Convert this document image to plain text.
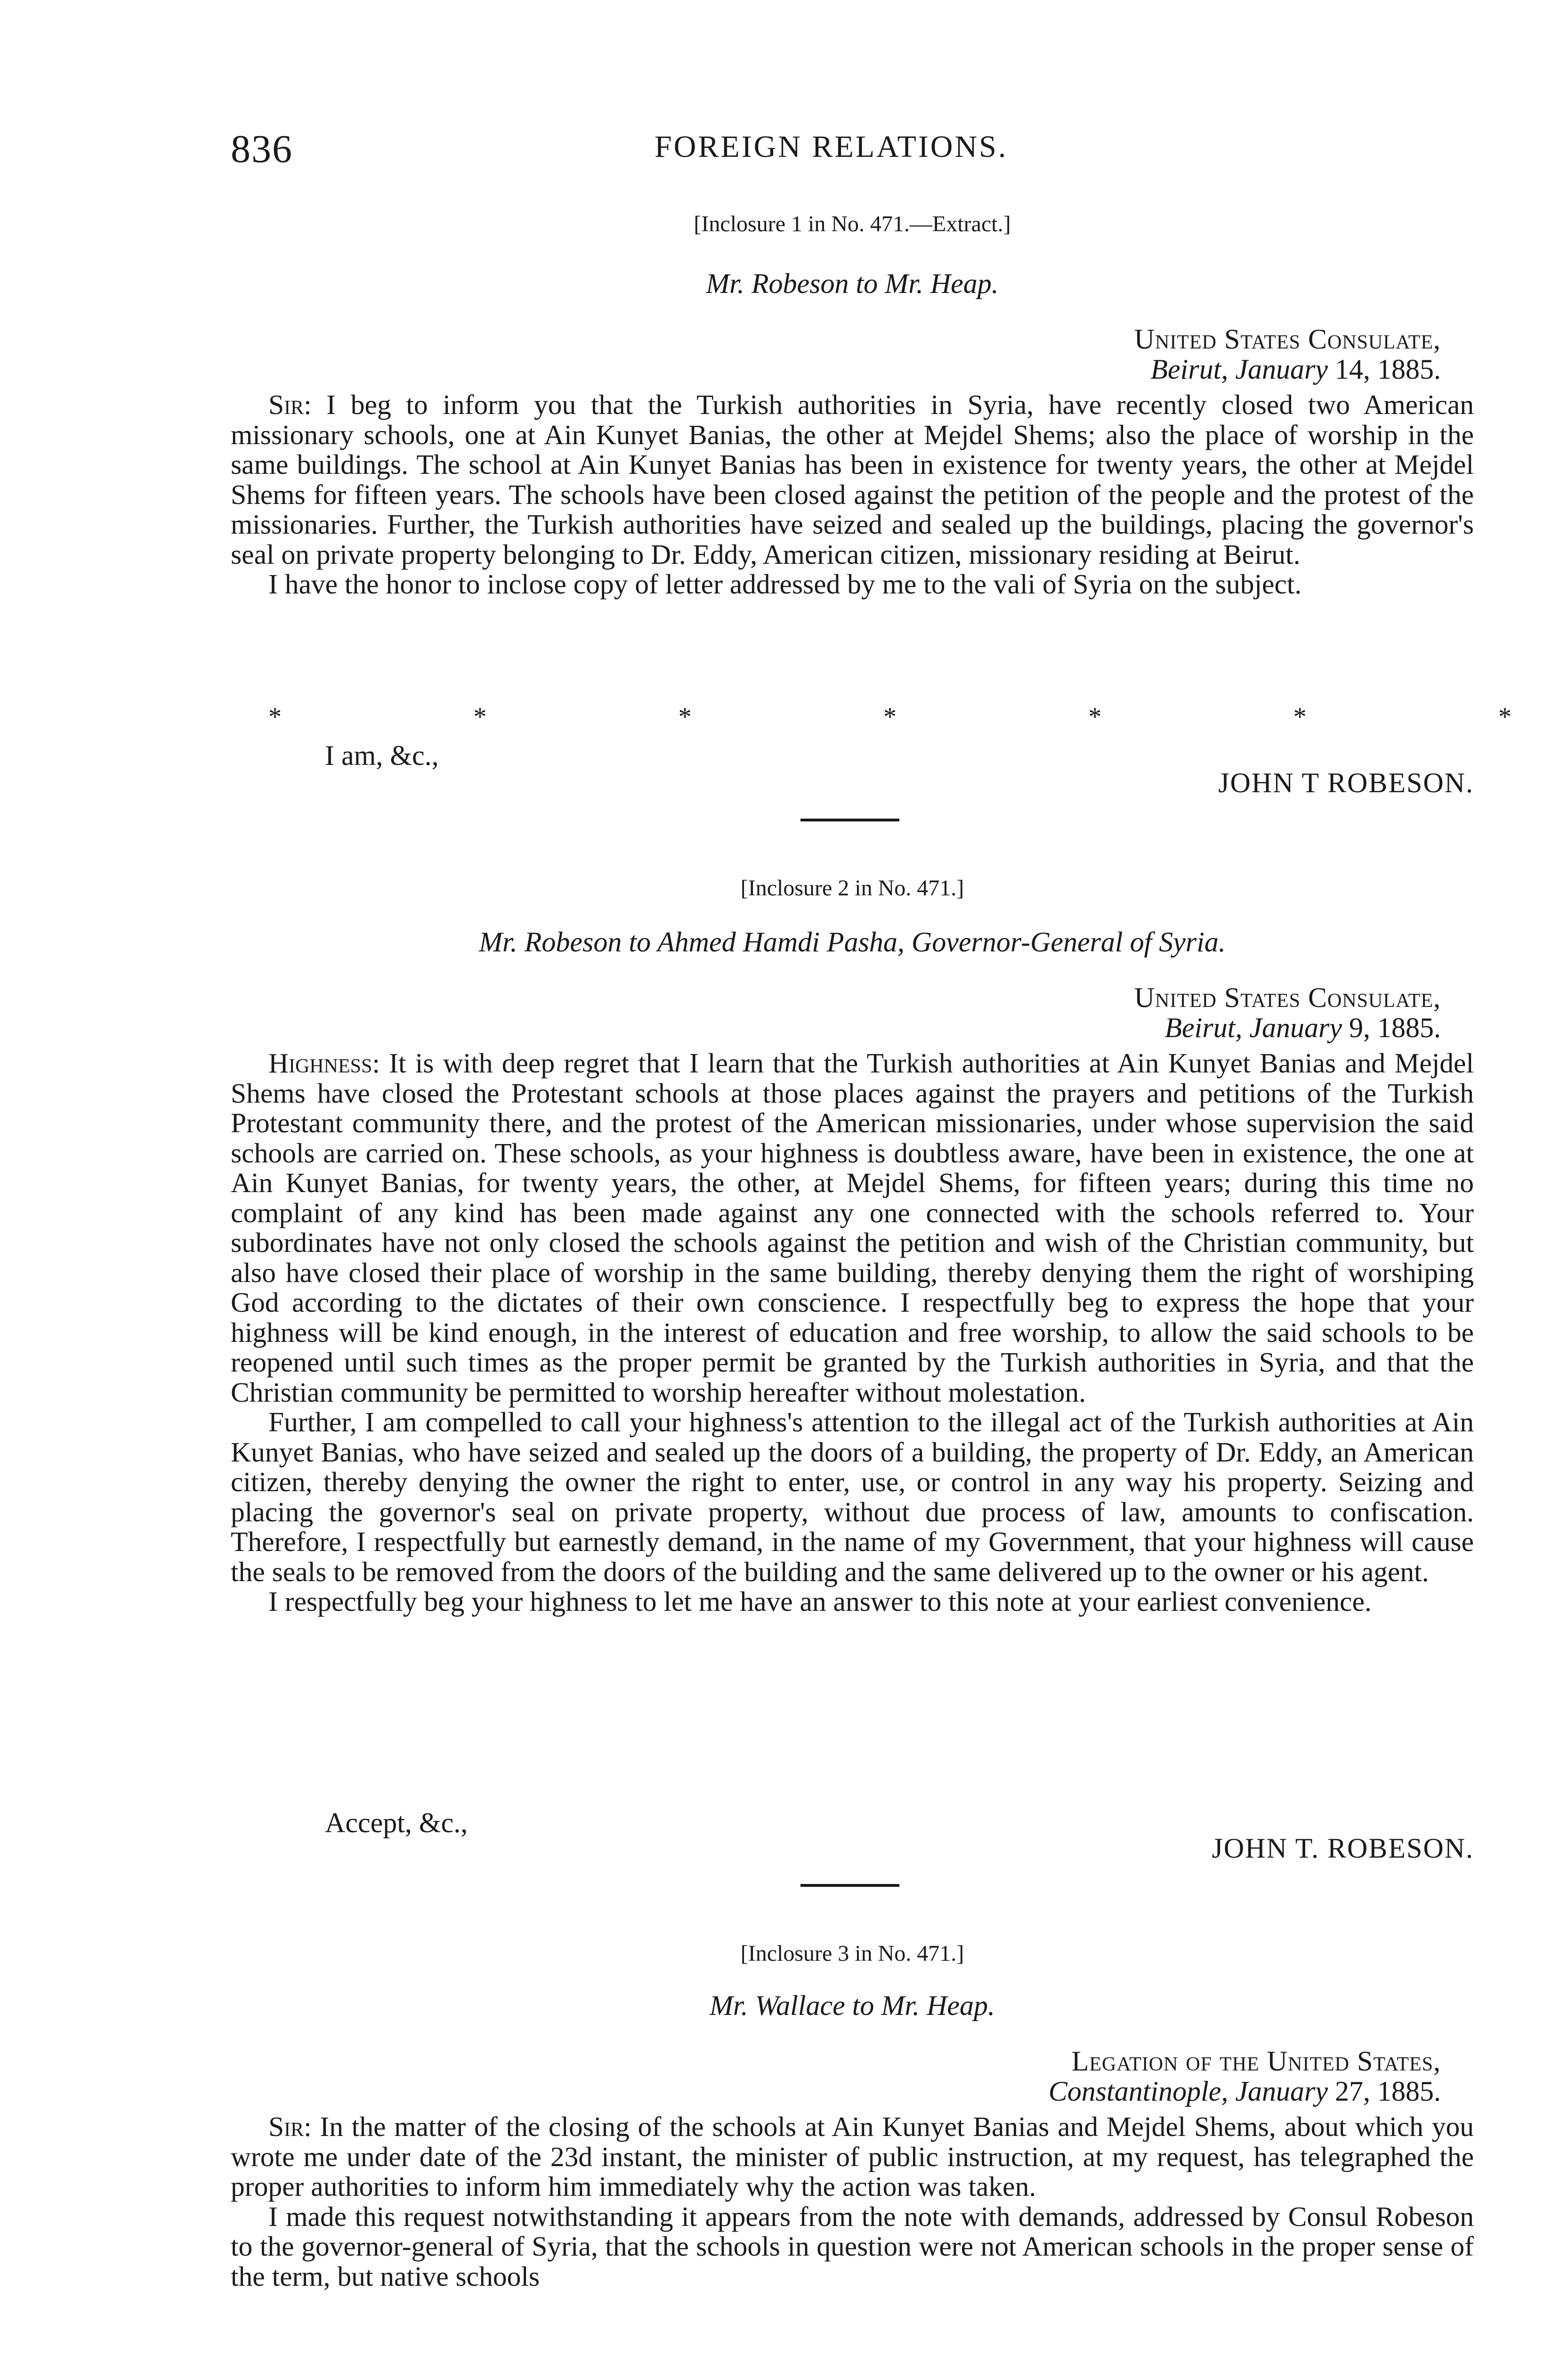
836	FOREIGN RELATIONS.
[Inclosure 1 in No. 471.—Extract.]
Mr. Robeson to Mr. Heap.
United States Consulate,
Beirut, January 14, 1885.

Sir: I beg to inform you that the Turkish authorities in Syria, have recently closed two American missionary schools, one at Ain Kunyet Banias, the other at Mejdel Shems; also the place of worship in the same buildings. The school at Ain Kunyet Banias has been in existence for twenty years, the other at Mejdel Shems for fifteen years. The schools have been closed against the petition of the people and the protest of the missionaries. Further, the Turkish authorities have seized and sealed up the buildings, placing the governor's seal on private property belonging to Dr. Eddy, American citizen, missionary residing at Beirut.

I have the honor to inclose copy of letter addressed by me to the vali of Syria on the subject.

*	*	*	*	*	*	*
I am, &c.,
JOHN T ROBESON.
[Inclosure 2 in No. 471.]
Mr. Robeson to Ahmed Hamdi Pasha, Governor-General of Syria.
United States Consulate,
Beirut, January 9, 1885.

Highness: It is with deep regret that I learn that the Turkish authorities at Ain Kunyet Banias and Mejdel Shems have closed the Protestant schools at those places against the prayers and petitions of the Turkish Protestant community there, and the protest of the American missionaries, under whose supervision the said schools are carried on. These schools, as your highness is doubtless aware, have been in existence, the one at Ain Kunyet Banias, for twenty years, the other, at Mejdel Shems, for fifteen years; during this time no complaint of any kind has been made against any one connected with the schools referred to. Your subordinates have not only closed the schools against the petition and wish of the Christian community, but also have closed their place of worship in the same building, thereby denying them the right of worshiping God according to the dictates of their own conscience. I respectfully beg to express the hope that your highness will be kind enough, in the interest of education and free worship, to allow the said schools to be reopened until such times as the proper permit be granted by the Turkish authorities in Syria, and that the Christian community be permitted to worship hereafter without molestation.

Further, I am compelled to call your highness's attention to the illegal act of the Turkish authorities at Ain Kunyet Banias, who have seized and sealed up the doors of a building, the property of Dr. Eddy, an American citizen, thereby denying the owner the right to enter, use, or control in any way his property. Seizing and placing the governor's seal on private property, without due process of law, amounts to confiscation. Therefore, I respectfully but earnestly demand, in the name of my Government, that your highness will cause the seals to be removed from the doors of the building and the same delivered up to the owner or his agent.

I respectfully beg your highness to let me have an answer to this note at your earliest convenience.

Accept, &c.,
JOHN T. ROBESON.
[Inclosure 3 in No. 471.]
Mr. Wallace to Mr. Heap.
Legation of the United States,
Constantinople, January 27, 1885.

Sir: In the matter of the closing of the schools at Ain Kunyet Banias and Mejdel Shems, about which you wrote me under date of the 23d instant, the minister of public instruction, at my request, has telegraphed the proper authorities to inform him immediately why the action was taken.

I made this request notwithstanding it appears from the note with demands, addressed by Consul Robeson to the governor-general of Syria, that the schools in question were not American schools in the proper sense of the term, but native schools
